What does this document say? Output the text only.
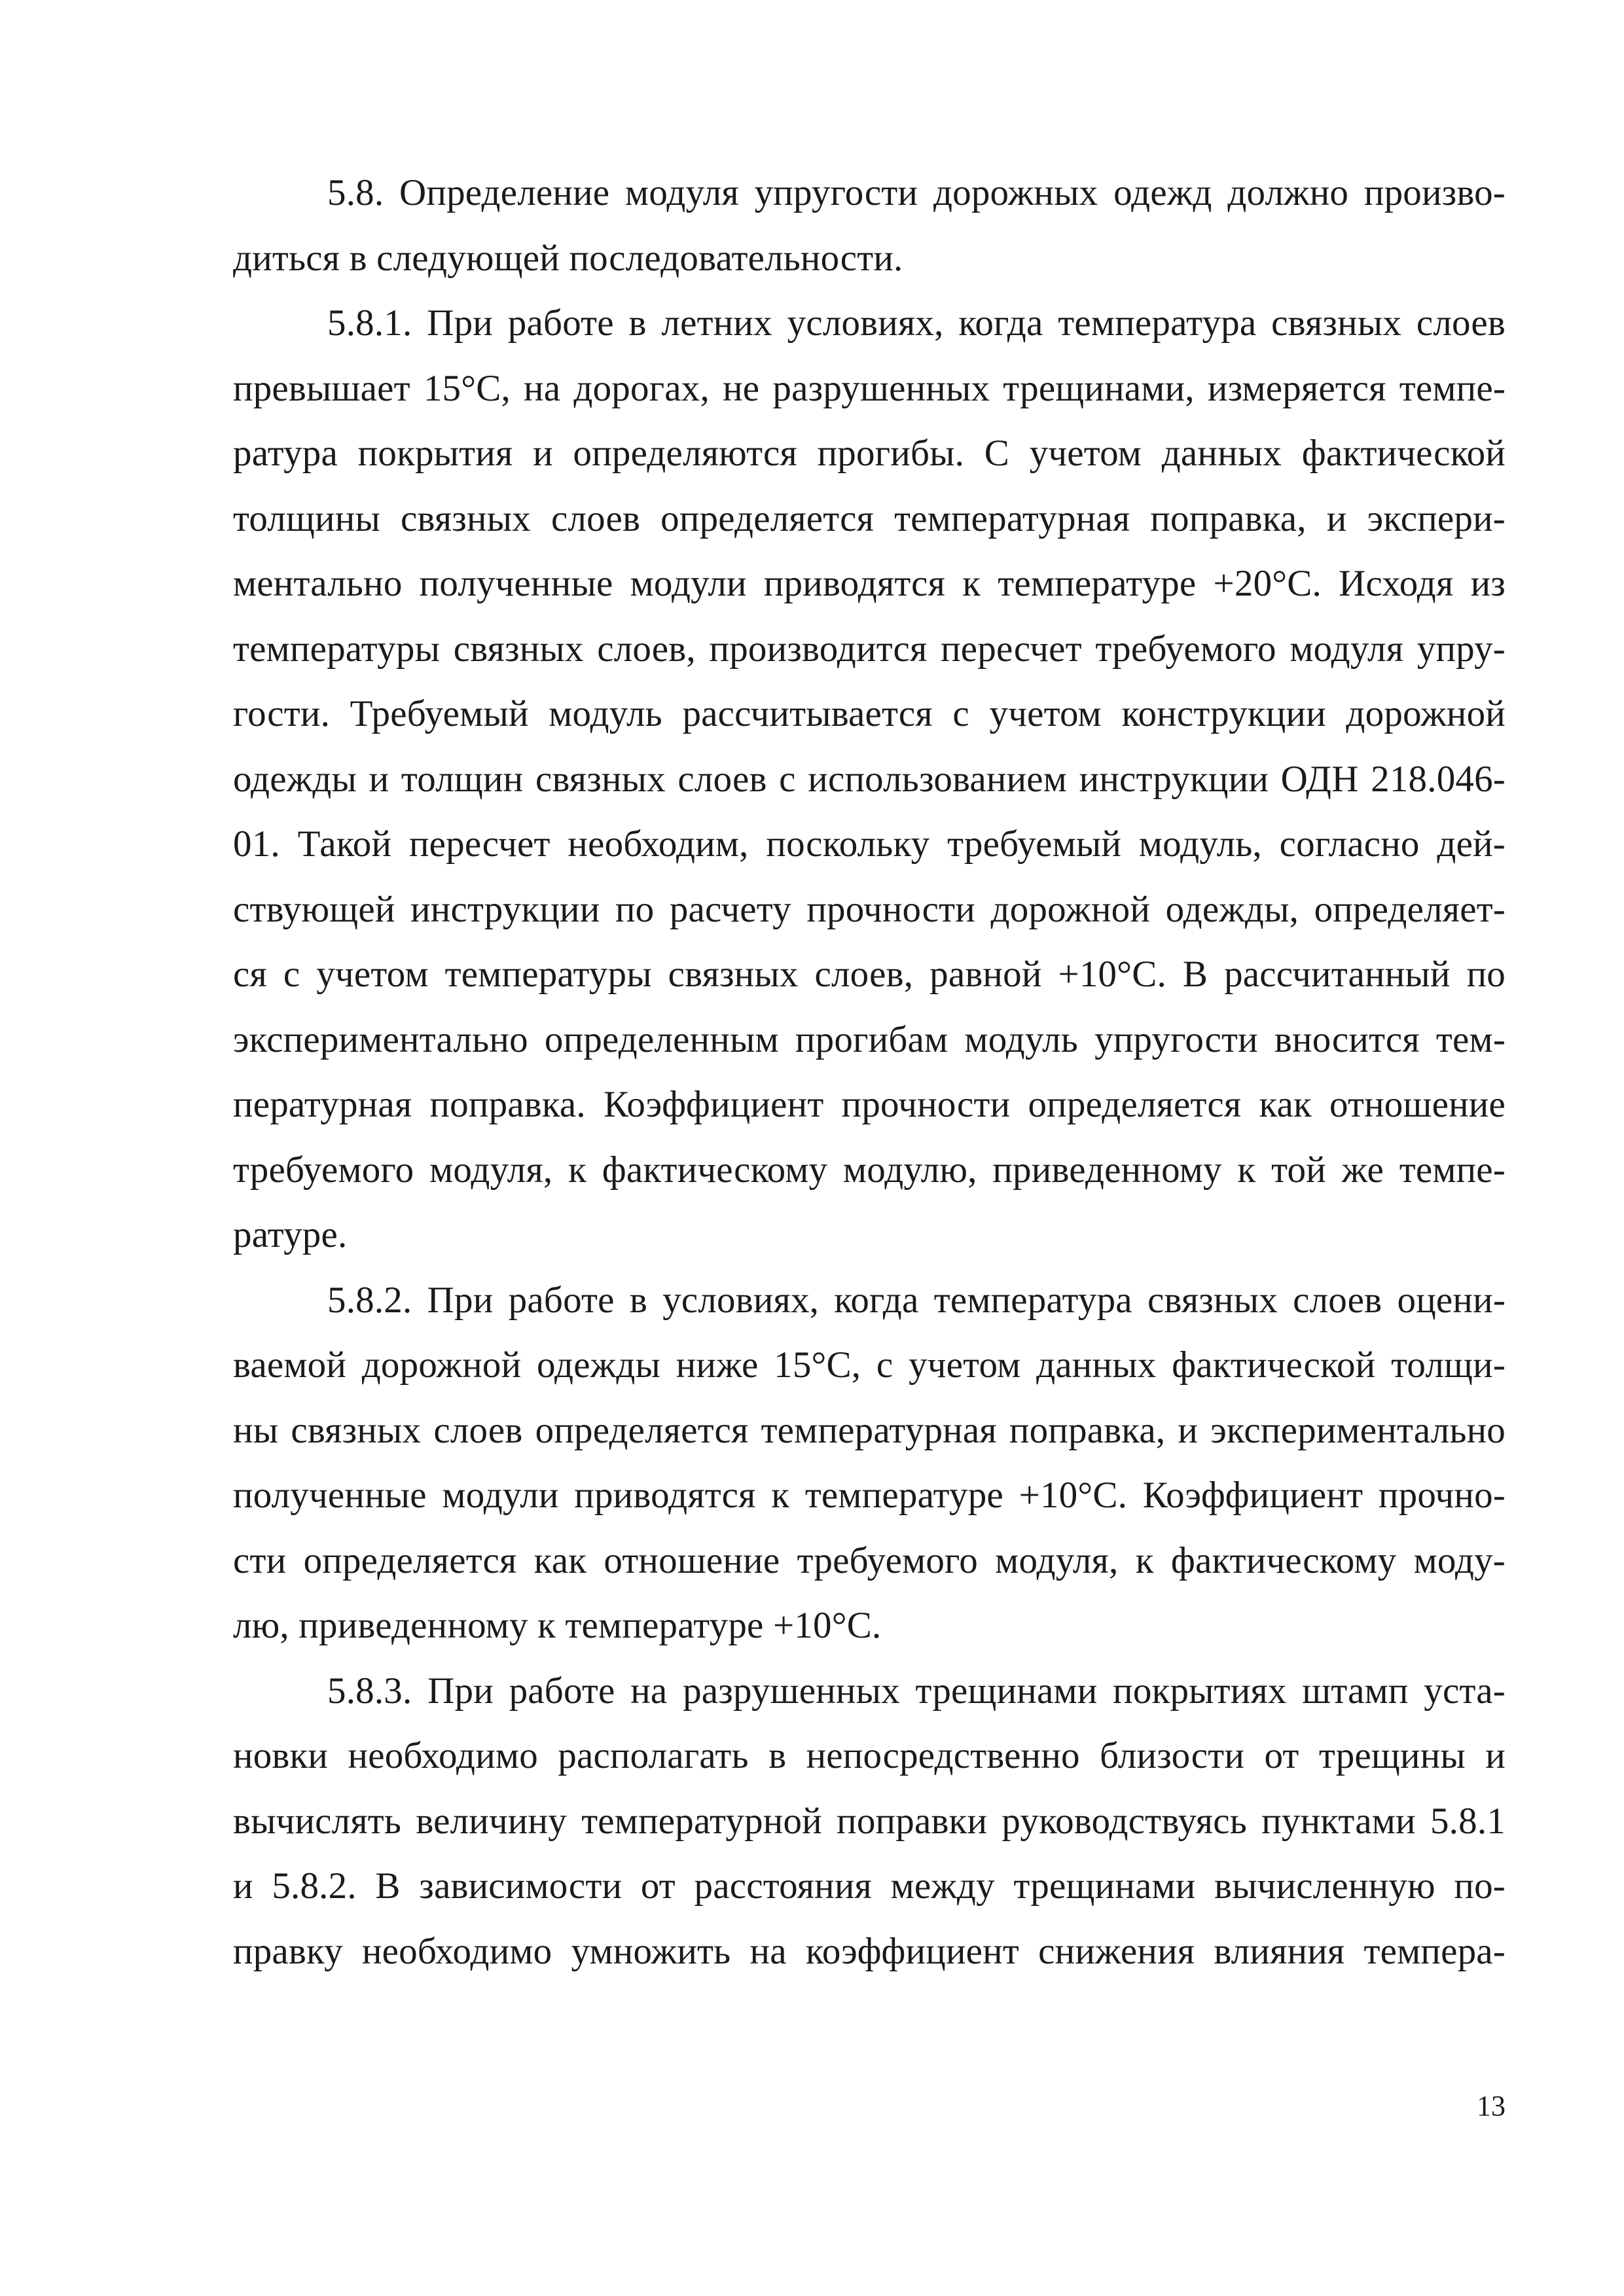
5.8. Определение модуля упругости дорожных одежд должно произво-
диться в следующей последовательности.
5.8.1. При работе в летних условиях, когда температура связных слоев
превышает 15°С, на дорогах, не разрушенных трещинами, измеряется темпе-
ратура покрытия и определяются прогибы. С учетом данных фактической
толщины связных слоев определяется температурная поправка, и экспери-
ментально полученные модули приводятся к температуре +20°С. Исходя из
температуры связных слоев, производится пересчет требуемого модуля упру-
гости. Требуемый модуль рассчитывается с учетом конструкции дорожной
одежды и толщин связных слоев с использованием инструкции ОДН 218.046-
01. Такой пересчет необходим, поскольку требуемый модуль, согласно дей-
ствующей инструкции по расчету прочности дорожной одежды, определяет-
ся с учетом температуры связных слоев, равной +10°С. В рассчитанный по
экспериментально определенным прогибам модуль упругости вносится тем-
пературная поправка. Коэффициент прочности определяется как отношение
требуемого модуля, к фактическому модулю, приведенному к той же темпе-
ратуре.
5.8.2. При работе в условиях, когда температура связных слоев оцени-
ваемой дорожной одежды ниже 15°С, с учетом данных фактической толщи-
ны связных слоев определяется температурная поправка, и экспериментально
полученные модули приводятся к температуре +10°С. Коэффициент прочно-
сти определяется как отношение требуемого модуля, к фактическому моду-
лю, приведенному к температуре +10°С.
5.8.3. При работе на разрушенных трещинами покрытиях штамп уста-
новки необходимо располагать в непосредственно близости от трещины и
вычислять величину температурной поправки руководствуясь пунктами 5.8.1
и 5.8.2. В зависимости от расстояния между трещинами вычисленную по-
правку необходимо умножить на коэффициент снижения влияния темпера-
13
